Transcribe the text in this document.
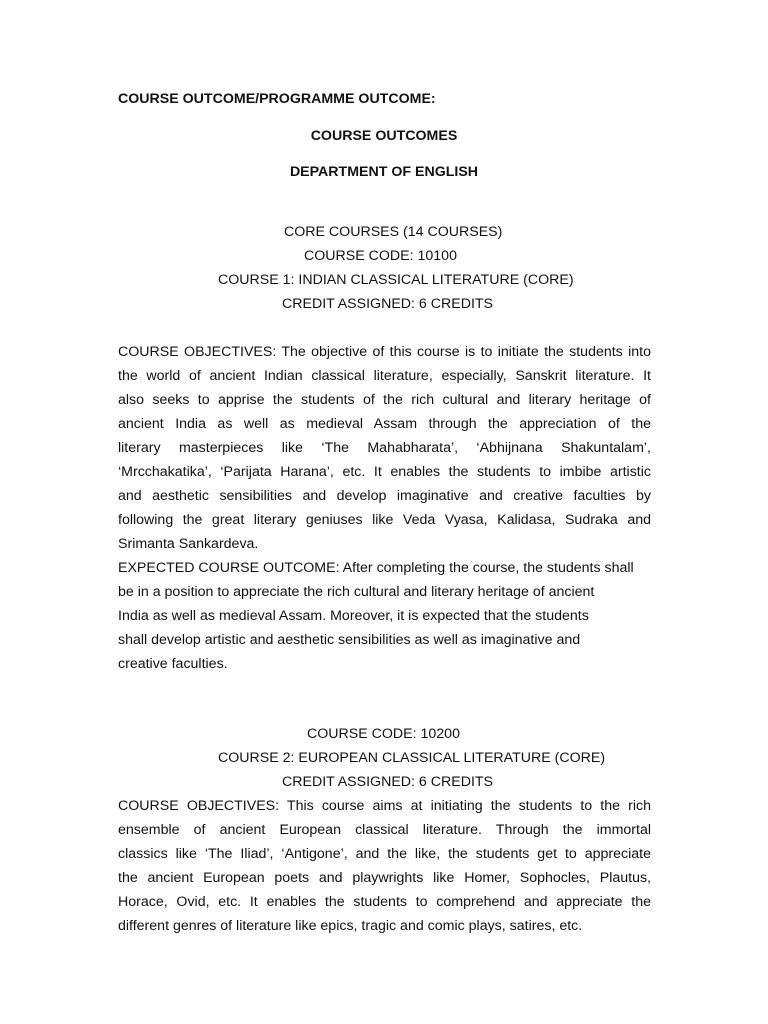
COURSE OUTCOME/PROGRAMME OUTCOME:
COURSE OUTCOMES
DEPARTMENT OF ENGLISH
CORE COURSES (14 COURSES)
COURSE CODE: 10100
COURSE 1: INDIAN CLASSICAL LITERATURE (CORE)
CREDIT ASSIGNED: 6 CREDITS
COURSE OBJECTIVES: The objective of this course is to initiate the students into
the world of ancient Indian classical literature, especially, Sanskrit literature. It
also seeks to apprise the students of the rich cultural and literary heritage of
ancient India as well as medieval Assam through the appreciation of the
literary masterpieces like ‘The Mahabharata’, ‘Abhijnana Shakuntalam’,
‘Mrcchakatika’, ‘Parijata Harana’, etc. It enables the students to imbibe artistic
and aesthetic sensibilities and develop imaginative and creative faculties by
following the great literary geniuses like Veda Vyasa, Kalidasa, Sudraka and
Srimanta Sankardeva.
EXPECTED COURSE OUTCOME: After completing the course, the students shall
be in a position to appreciate the rich cultural and literary heritage of ancient
India as well as medieval Assam. Moreover, it is expected that the students
shall develop artistic and aesthetic sensibilities as well as imaginative and
creative faculties.
COURSE CODE: 10200
COURSE 2: EUROPEAN CLASSICAL LITERATURE (CORE)
CREDIT ASSIGNED: 6 CREDITS
COURSE OBJECTIVES: This course aims at initiating the students to the rich
ensemble of ancient European classical literature. Through the immortal
classics like ‘The Iliad’, ‘Antigone’, and the like, the students get to appreciate
the ancient European poets and playwrights like Homer, Sophocles, Plautus,
Horace, Ovid, etc. It enables the students to comprehend and appreciate the
different genres of literature like epics, tragic and comic plays, satires, etc.
